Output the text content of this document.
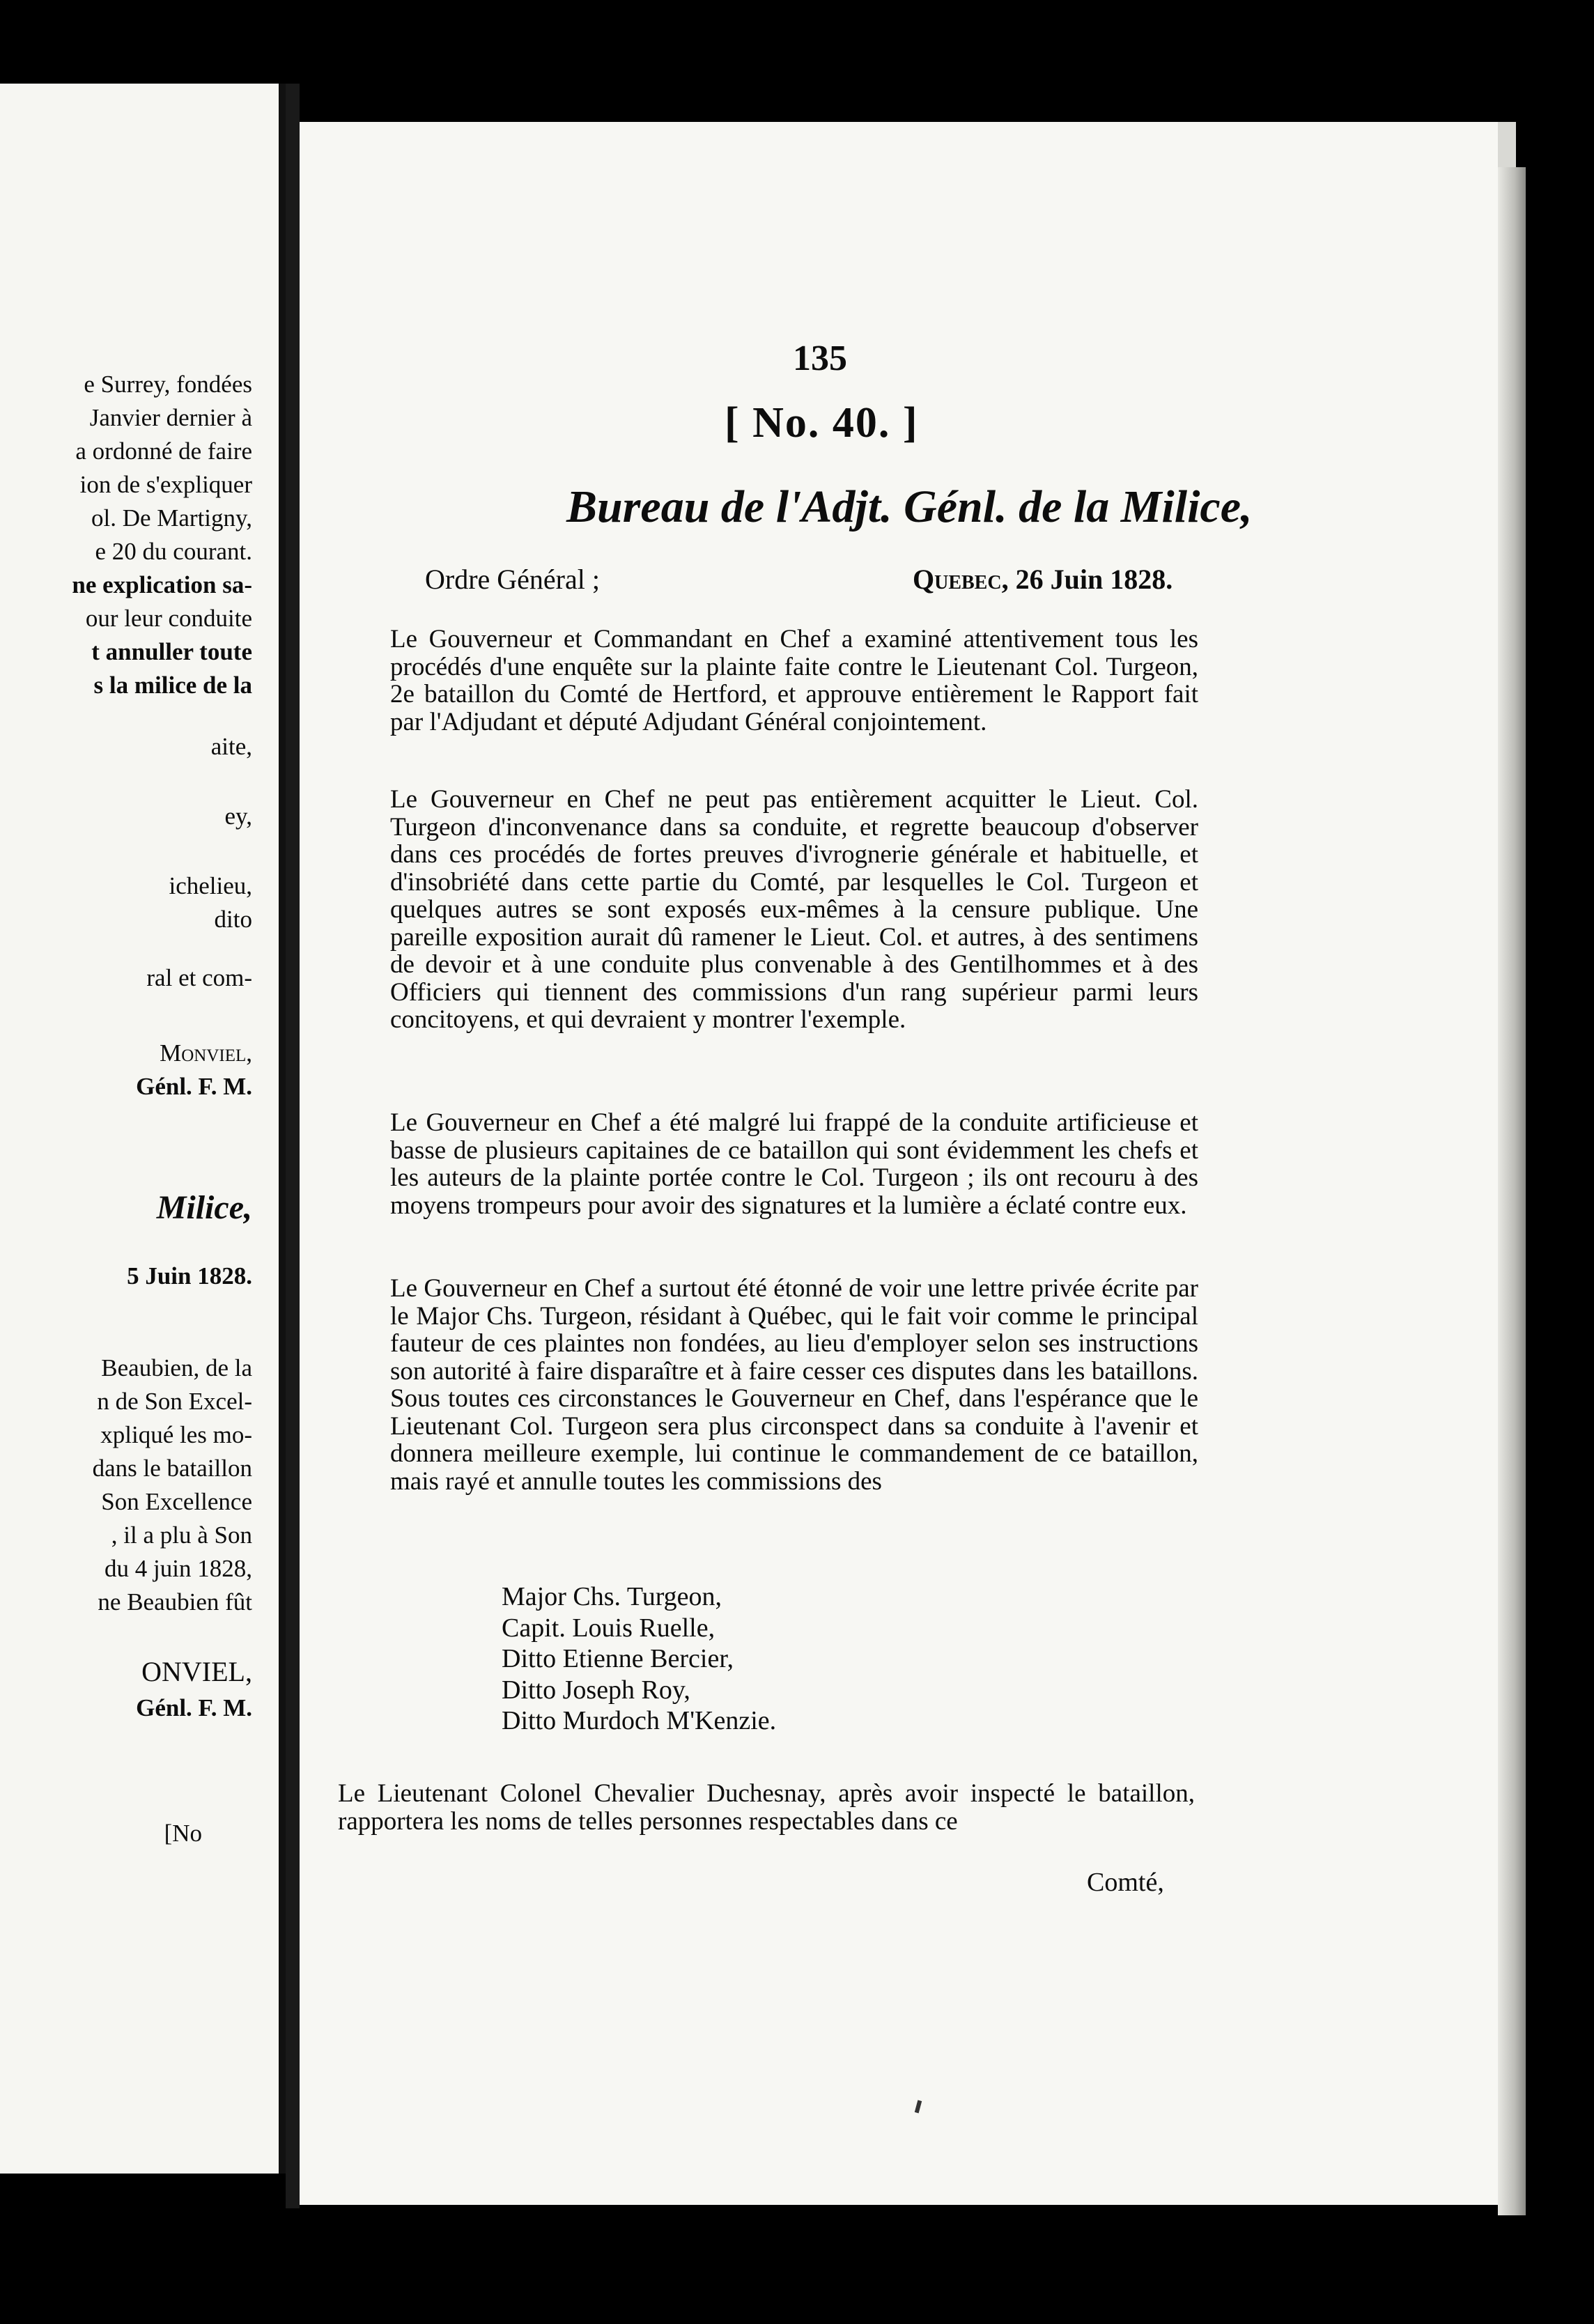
e Surrey, fondées
Janvier dernier à
a ordonné de faire
ion de s'expliquer
ol. De Martigny,
e 20 du courant.
ne explication sa-
our leur conduite
t annuller toute
s la milice de la
aite,
ey,
ichelieu,
dito
ral et com-
Monviel,
Génl. F. M.
Milice,
5 Juin 1828.
Beaubien, de la
n de Son Excel-
xpliqué les mo-
dans le bataillon
Son Excellence
, il a plu à Son
du 4 juin 1828,
ne Beaubien fût
ONVIEL,
Génl. F. M.
[No
135
[ No. 40. ]
Bureau de l'Adjt. Génl. de la Milice,
Ordre Général ;	Quebec, 26 Juin 1828.
Le Gouverneur et Commandant en Chef a examiné attentivement tous les procédés d'une enquête sur la plainte faite contre le Lieutenant Col. Turgeon, 2e bataillon du Comté de Hertford, et approuve entièrement le Rapport fait par l'Adjudant et député Adjudant Général conjointement.
Le Gouverneur en Chef ne peut pas entièrement acquitter le Lieut. Col. Turgeon d'inconvenance dans sa conduite, et regrette beaucoup d'observer dans ces procédés de fortes preuves d'ivrognerie générale et habituelle, et d'insobriété dans cette partie du Comté, par lesquelles le Col. Turgeon et quelques autres se sont exposés eux-mêmes à la censure publique. Une pareille exposition aurait dû ramener le Lieut. Col. et autres, à des sentimens de devoir et à une conduite plus convenable à des Gentilhommes et à des Officiers qui tiennent des commissions d'un rang supérieur parmi leurs concitoyens, et qui devraient y montrer l'exemple.
Le Gouverneur en Chef a été malgré lui frappé de la conduite artificieuse et basse de plusieurs capitaines de ce bataillon qui sont évidemment les chefs et les auteurs de la plainte portée contre le Col. Turgeon ; ils ont recouru à des moyens trompeurs pour avoir des signatures et la lumière a éclaté contre eux.
Le Gouverneur en Chef a surtout été étonné de voir une lettre privée écrite par le Major Chs. Turgeon, résidant à Québec, qui le fait voir comme le principal fauteur de ces plaintes non fondées, au lieu d'employer selon ses instructions son autorité à faire disparaître et à faire cesser ces disputes dans les bataillons. Sous toutes ces circonstances le Gouverneur en Chef, dans l'espérance que le Lieutenant Col. Turgeon sera plus circonspect dans sa conduite à l'avenir et donnera meilleure exemple, lui continue le commandement de ce bataillon, mais rayé et annulle toutes les commissions des
Major Chs. Turgeon,
Capit. Louis Ruelle,
Ditto Etienne Bercier,
Ditto Joseph Roy,
Ditto Murdoch M'Kenzie.
Le Lieutenant Colonel Chevalier Duchesnay, après avoir inspecté le bataillon, rapportera les noms de telles personnes respectables dans ce
Comté,
